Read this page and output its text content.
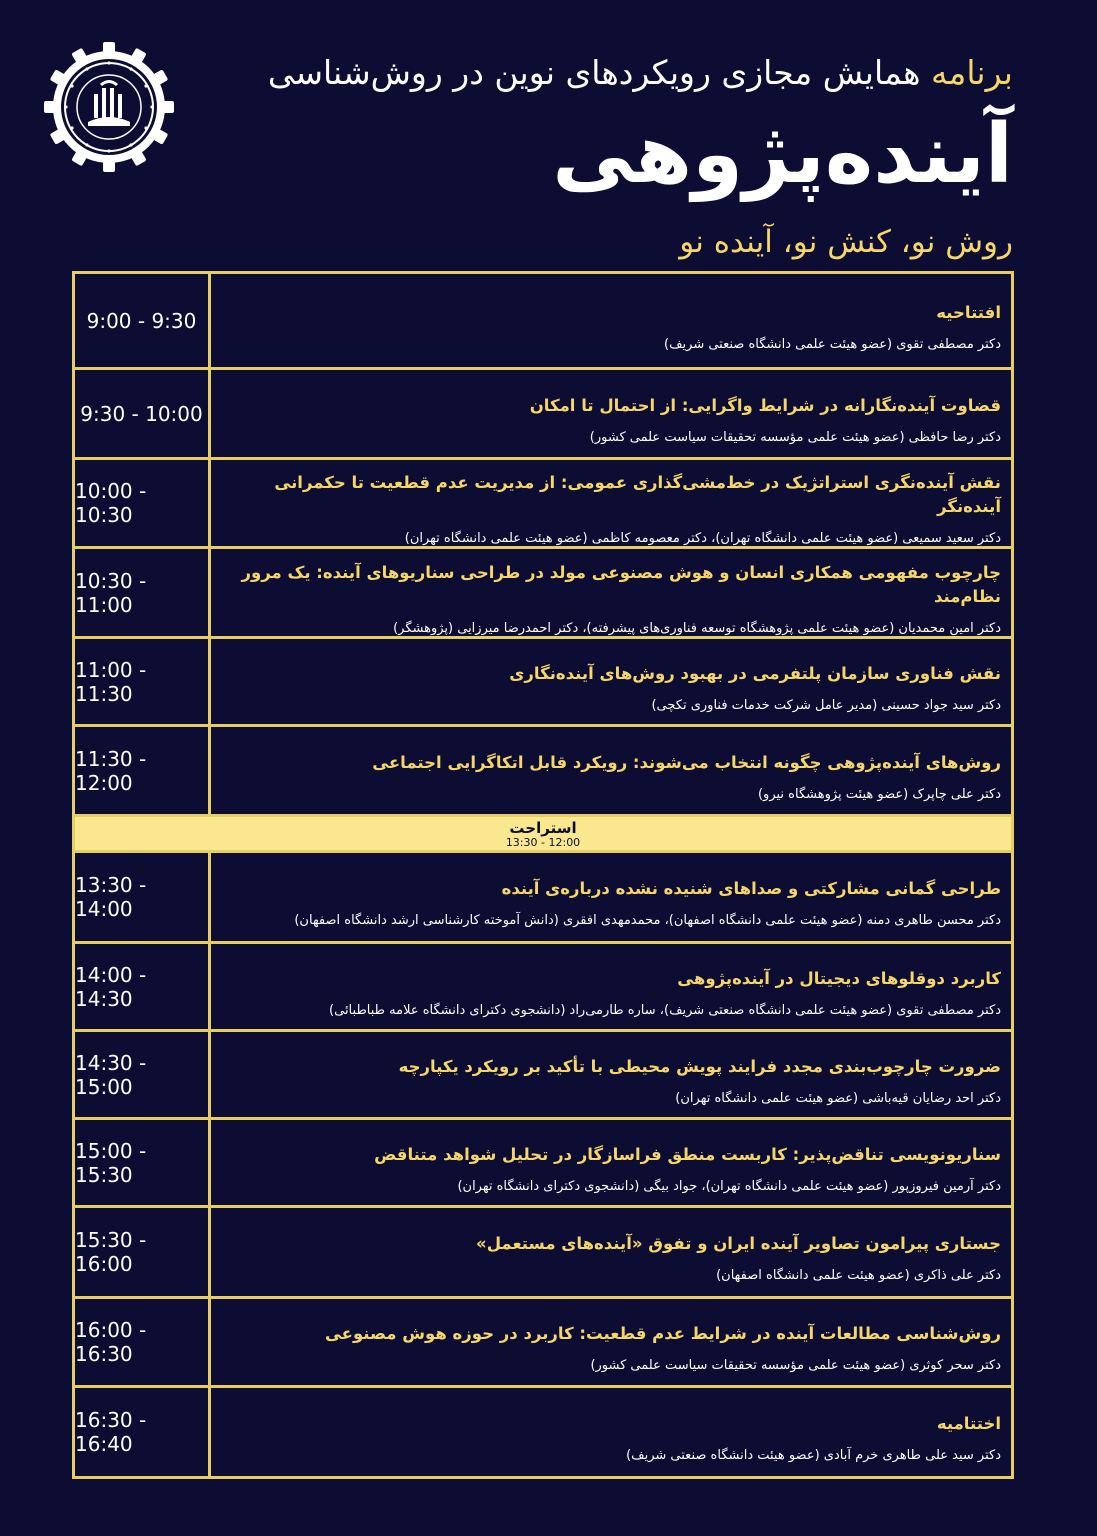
برنامه همایش مجازی رویکردهای نوین در روش‌شناسی
آینده‌پژوهی
روش نو، کنش نو، آینده نو
افتتاحیه
دکتر مصطفی تقوی (عضو هیئت علمی دانشگاه صنعتی شریف)
9:00 - 9:30
قضاوت آینده‌نگارانه در شرایط واگرایی: از احتمال تا امکان
دکتر رضا حافظی (عضو هیئت علمی مؤسسه تحقیقات سیاست علمی کشور)
9:30 - 10:00
نقش آینده‌نگری استراتژیک در خط‌مشی‌گذاری عمومی: از مدیریت عدم قطعیت تا حکمرانی آینده‌نگر
دکتر سعید سمیعی (عضو هیئت علمی دانشگاه تهران)، دکتر معصومه کاظمی (عضو هیئت علمی دانشگاه تهران)
10:00 - 10:30
چارچوب مفهومی همکاری انسان و هوش مصنوعی مولد در طراحی سناریوهای آینده: یک مرور نظام‌مند
دکتر امین محمدیان (عضو هیئت علمی پژوهشگاه توسعه فناوری‌های پیشرفته)، دکتر احمدرضا میرزایی (پژوهشگر)
10:30 - 11:00
نقش فناوری سازمان پلتفرمی در بهبود روش‌های آینده‌نگاری
دکتر سید جواد حسینی (مدیر عامل شرکت خدمات فناوری تکچی)
11:00 - 11:30
روش‌های آینده‌پژوهی چگونه انتخاب می‌شوند: رویکرد قابل اتکاگرایی اجتماعی
دکتر علی چاپرک (عضو هیئت پژوهشگاه نیرو)
11:30 - 12:00
استراحت
12:00 - 13:30
طراحی گمانی مشارکتی و صداهای شنیده نشده درباره‌ی آینده
دکتر محسن طاهری دمنه (عضو هیئت علمی دانشگاه اصفهان)، محمدمهدی افقری (دانش آموخته کارشناسی ارشد دانشگاه اصفهان)
13:30 - 14:00
کاربرد دوقلوهای دیجیتال در آینده‌پژوهی
دکتر مصطفی تقوی (عضو هیئت علمی دانشگاه صنعتی شریف)، ساره طارمی‌راد (دانشجوی دکترای دانشگاه علامه طباطبائی)
14:00 - 14:30
ضرورت چارچوب‌بندی مجدد فرایند پویش محیطی با تأکید بر رویکرد یکپارچه
دکتر احد رضایان قیه‌باشی (عضو هیئت علمی دانشگاه تهران)
14:30 - 15:00
سناریونویسی تناقض‌پذیر: کاربست منطق فراسازگار در تحلیل شواهد متناقض
دکتر آرمین فیروزپور (عضو هیئت علمی دانشگاه تهران)، جواد بیگی (دانشجوی دکترای دانشگاه تهران)
15:00 - 15:30
جستاری پیرامون تصاویر آینده ایران و تفوق «آینده‌های مستعمل»
دکتر علی ذاکری (عضو هیئت علمی دانشگاه اصفهان)
15:30 - 16:00
روش‌شناسی مطالعات آینده در شرایط عدم قطعیت: کاربرد در حوزه هوش مصنوعی
دکتر سحر کوثری (عضو هیئت علمی مؤسسه تحقیقات سیاست علمی کشور)
16:00 - 16:30
اختتامیه
دکتر سید علی طاهری خرم آبادی (عضو هیئت دانشگاه صنعتی شریف)
16:30 - 16:40
